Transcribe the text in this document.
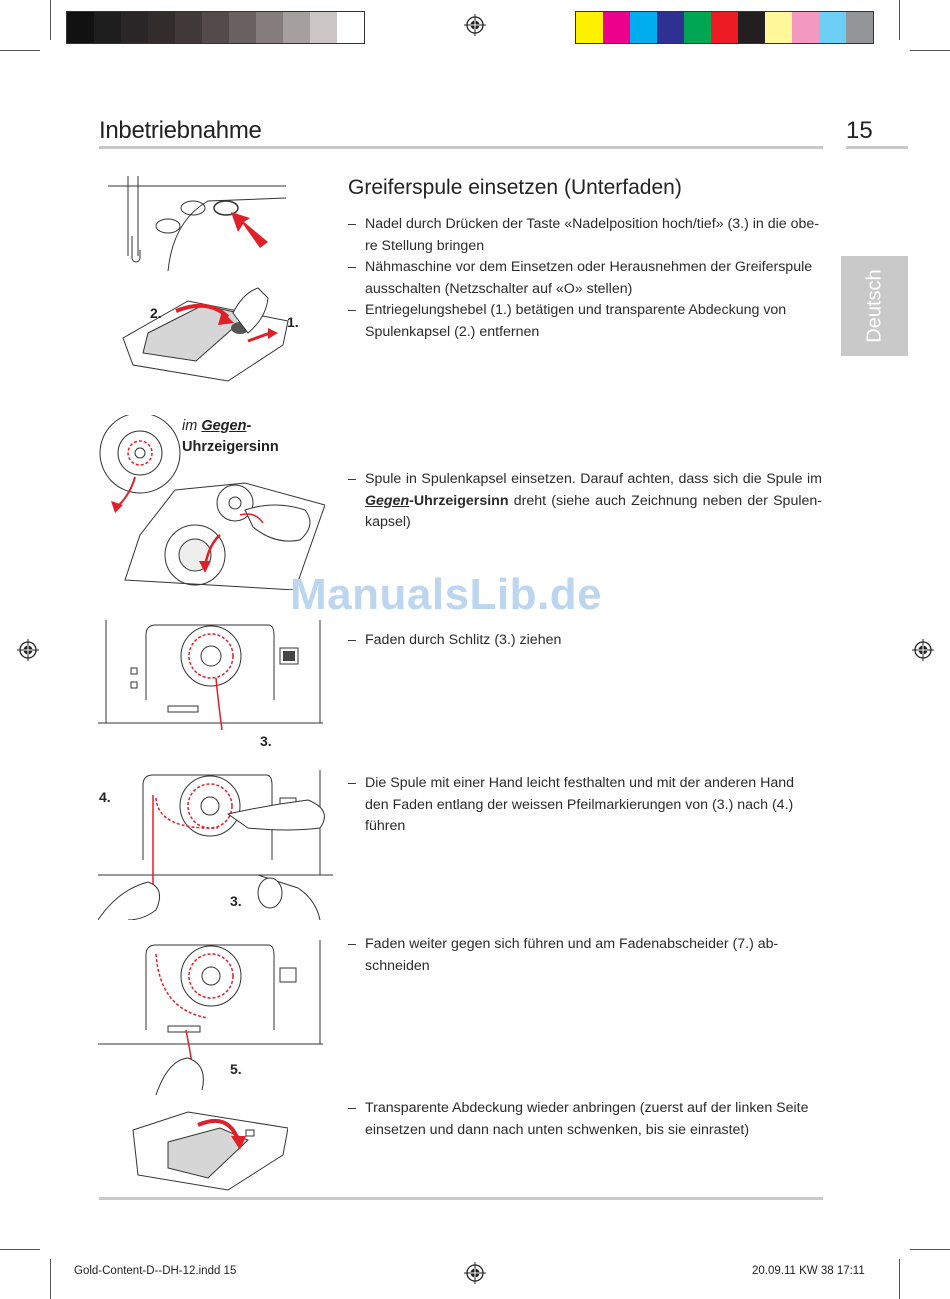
Inbetriebnahme	15
Deutsch
Greiferspule einsetzen (Unterfaden)
– Nadel durch Drücken der Taste «Nadelposition hoch/tief» (3.) in die obe-
re Stellung bringen
– Nähmaschine vor dem Einsetzen oder Herausnehmen der Greiferspule
ausschalten (Netzschalter auf «O» stellen)
– Entriegelungshebel (1.) betätigen und transparente Abdeckung von
Spulenkapsel (2.) entfernen
– Spule in Spulenkapsel einsetzen. Darauf achten, dass sich die Spule im Gegen-Uhrzeigersinn dreht (siehe auch Zeichnung neben der Spulen-kapsel)
– Faden durch Schlitz (3.) ziehen
– Die Spule mit einer Hand leicht festhalten und mit der anderen Hand
den Faden entlang der weissen Pfeilmarkierungen von (3.) nach (4.)
führen
– Faden weiter gegen sich führen und am Fadenabscheider (7.) ab-
schneiden
– Transparente Abdeckung wieder anbringen (zuerst auf der linken Seite
einsetzen und dann nach unten schwenken, bis sie einrastet)
2.
1.
im Gegen-
Uhrzeigersinn
ManualsLib.de
3.
4.
3.
5.
Gold-Content-D--DH-12.indd 15	20.09.11 KW 38 17:11
